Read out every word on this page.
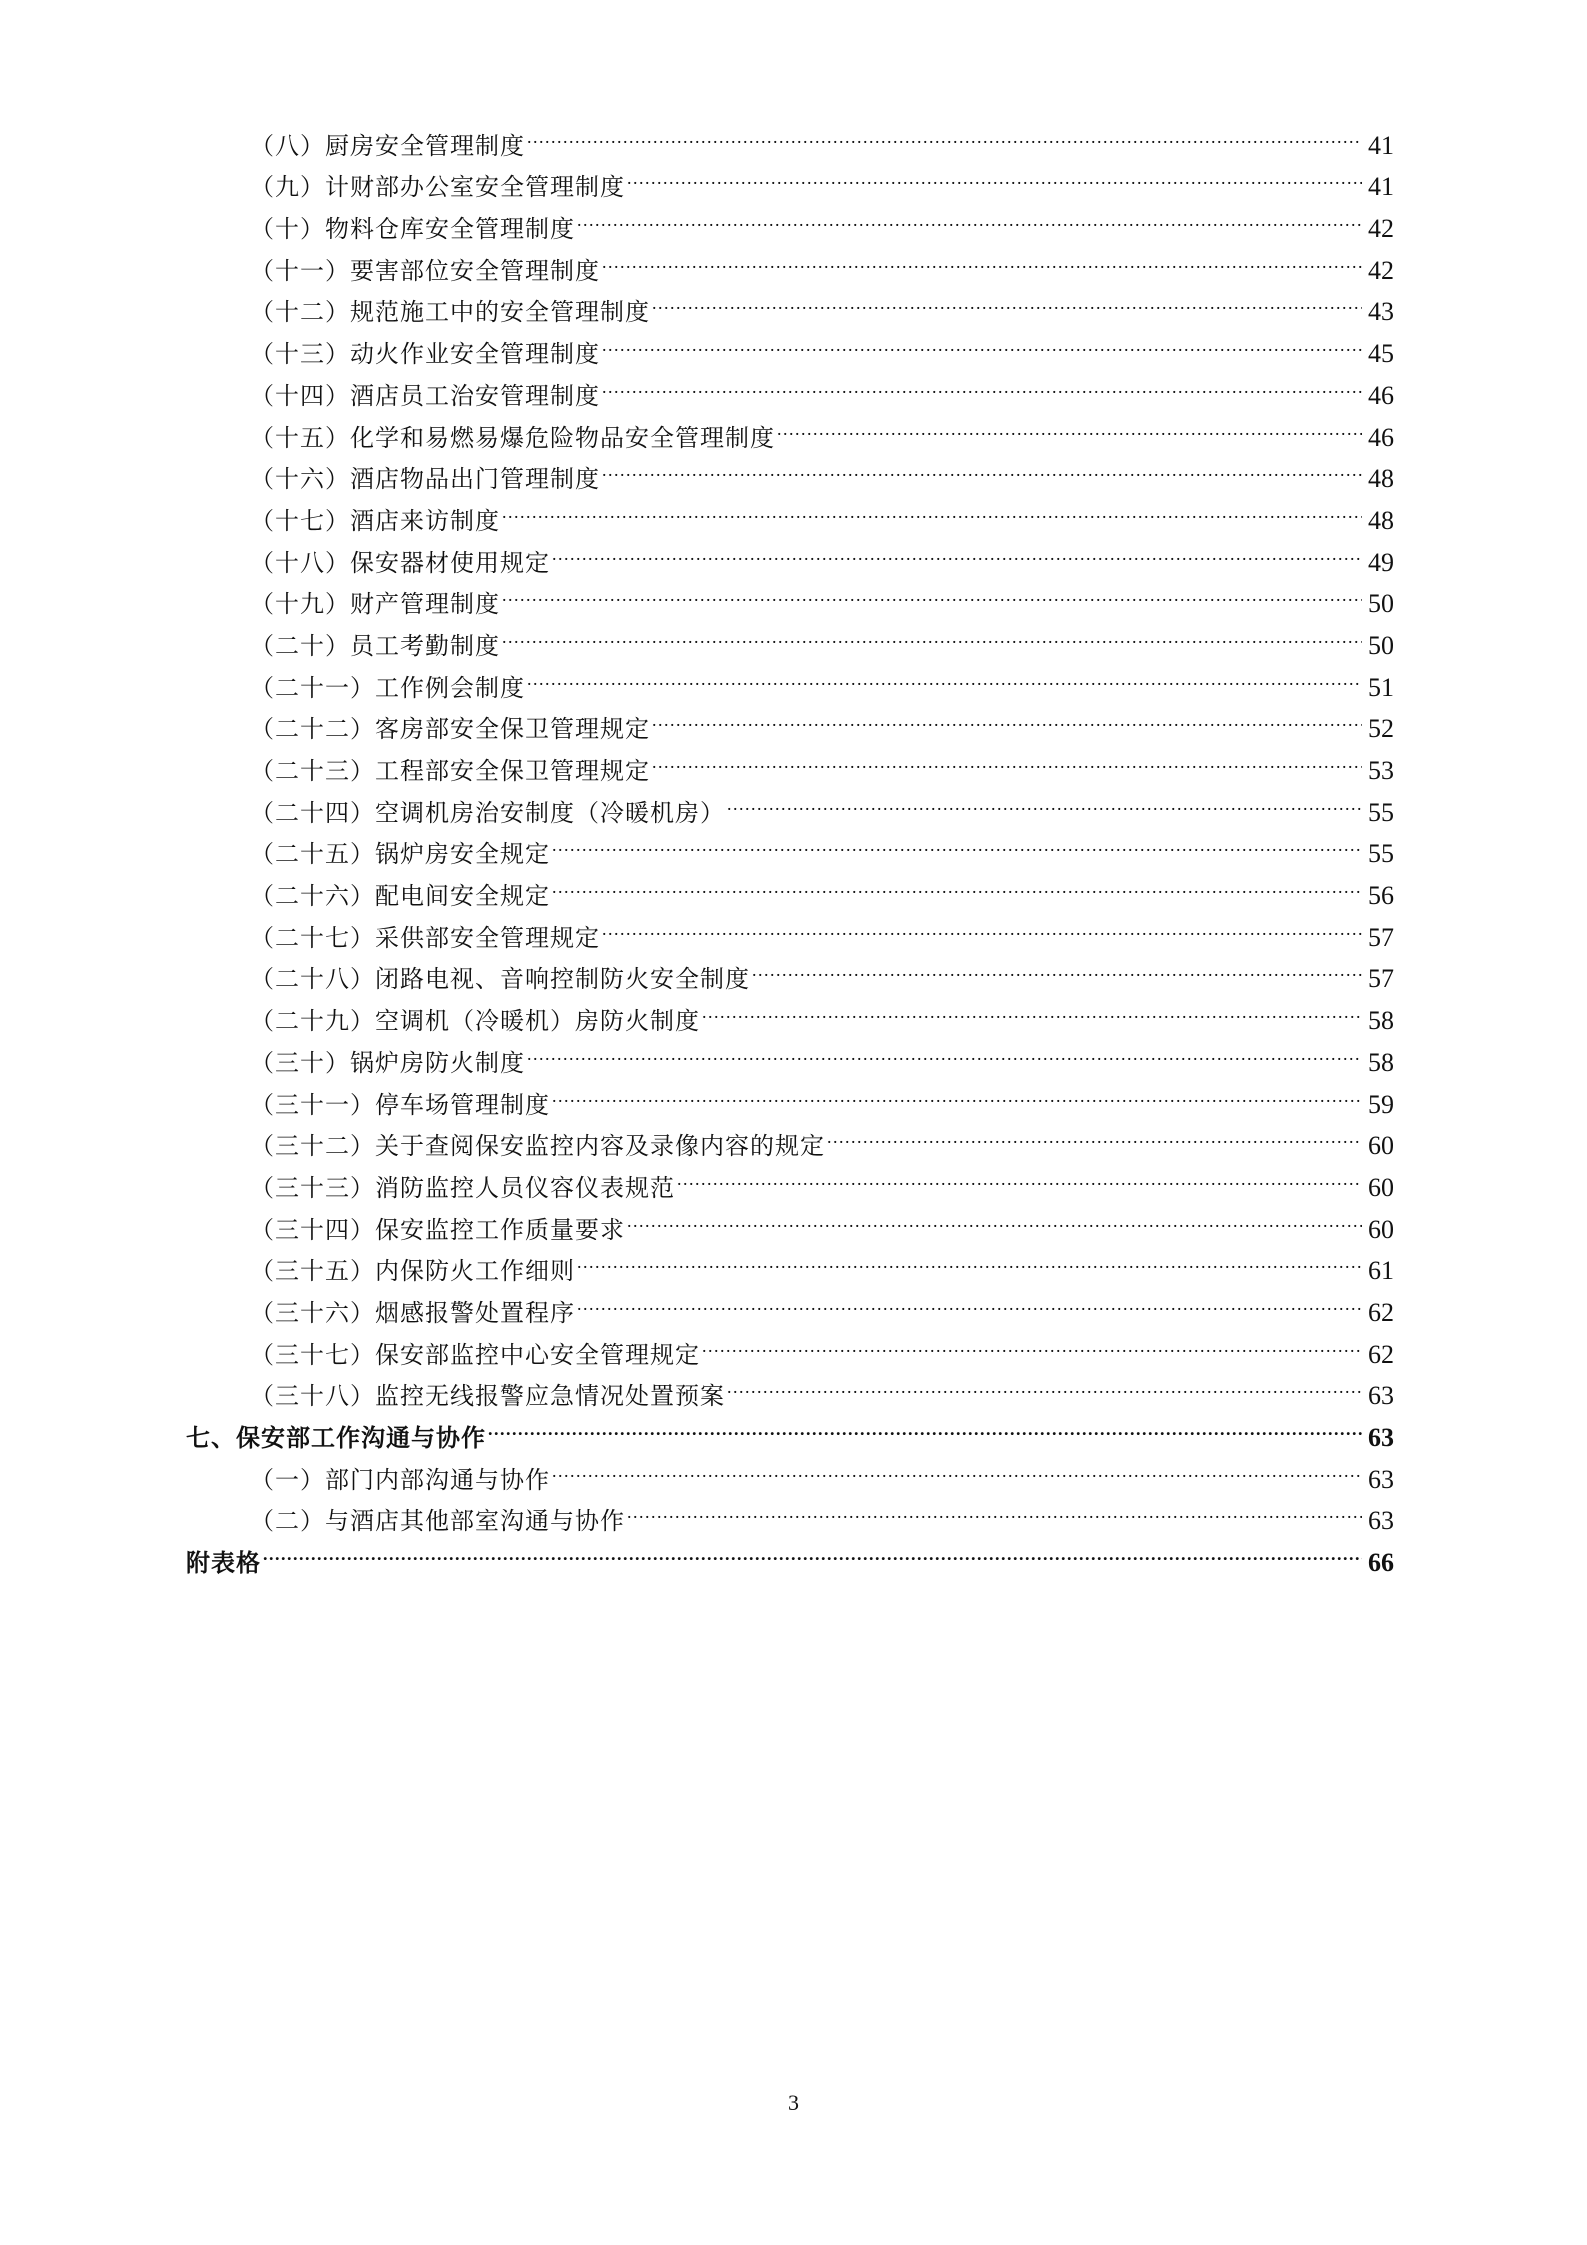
（八）厨房安全管理制度 .....	41
（九）计财部办公室安全管理制度 .....	41
（十）物料仓库安全管理制度 .....	42
（十一）要害部位安全管理制度 .....	42
（十二）规范施工中的安全管理制度 .....	43
（十三）动火作业安全管理制度 .....	45
（十四）酒店员工治安管理制度 .....	46
（十五）化学和易燃易爆危险物品安全管理制度 .....	46
（十六）酒店物品出门管理制度 .....	48
（十七）酒店来访制度 .....	48
（十八）保安器材使用规定 .....	49
（十九）财产管理制度 .....	50
（二十）员工考勤制度 .....	50
（二十一）工作例会制度 .....	51
（二十二）客房部安全保卫管理规定 .....	52
（二十三）工程部安全保卫管理规定 .....	53
（二十四）空调机房治安制度（冷暖机房） .....	55
（二十五）锅炉房安全规定 .....	55
（二十六）配电间安全规定 .....	56
（二十七）采供部安全管理规定 .....	57
（二十八）闭路电视、音响控制防火安全制度 .....	57
（二十九）空调机（冷暖机）房防火制度 .....	58
（三十）锅炉房防火制度 .....	58
（三十一）停车场管理制度 .....	59
（三十二）关于查阅保安监控内容及录像内容的规定 .....	60
（三十三）消防监控人员仪容仪表规范 .....	60
（三十四）保安监控工作质量要求 .....	60
（三十五）内保防火工作细则 .....	61
（三十六）烟感报警处置程序 .....	62
（三十七）保安部监控中心安全管理规定 .....	62
（三十八）监控无线报警应急情况处置预案 .....	63
七、保安部工作沟通与协作 .....	63
（一）部门内部沟通与协作 .....	63
（二）与酒店其他部室沟通与协作 .....	63
附表格 .....	66
3
